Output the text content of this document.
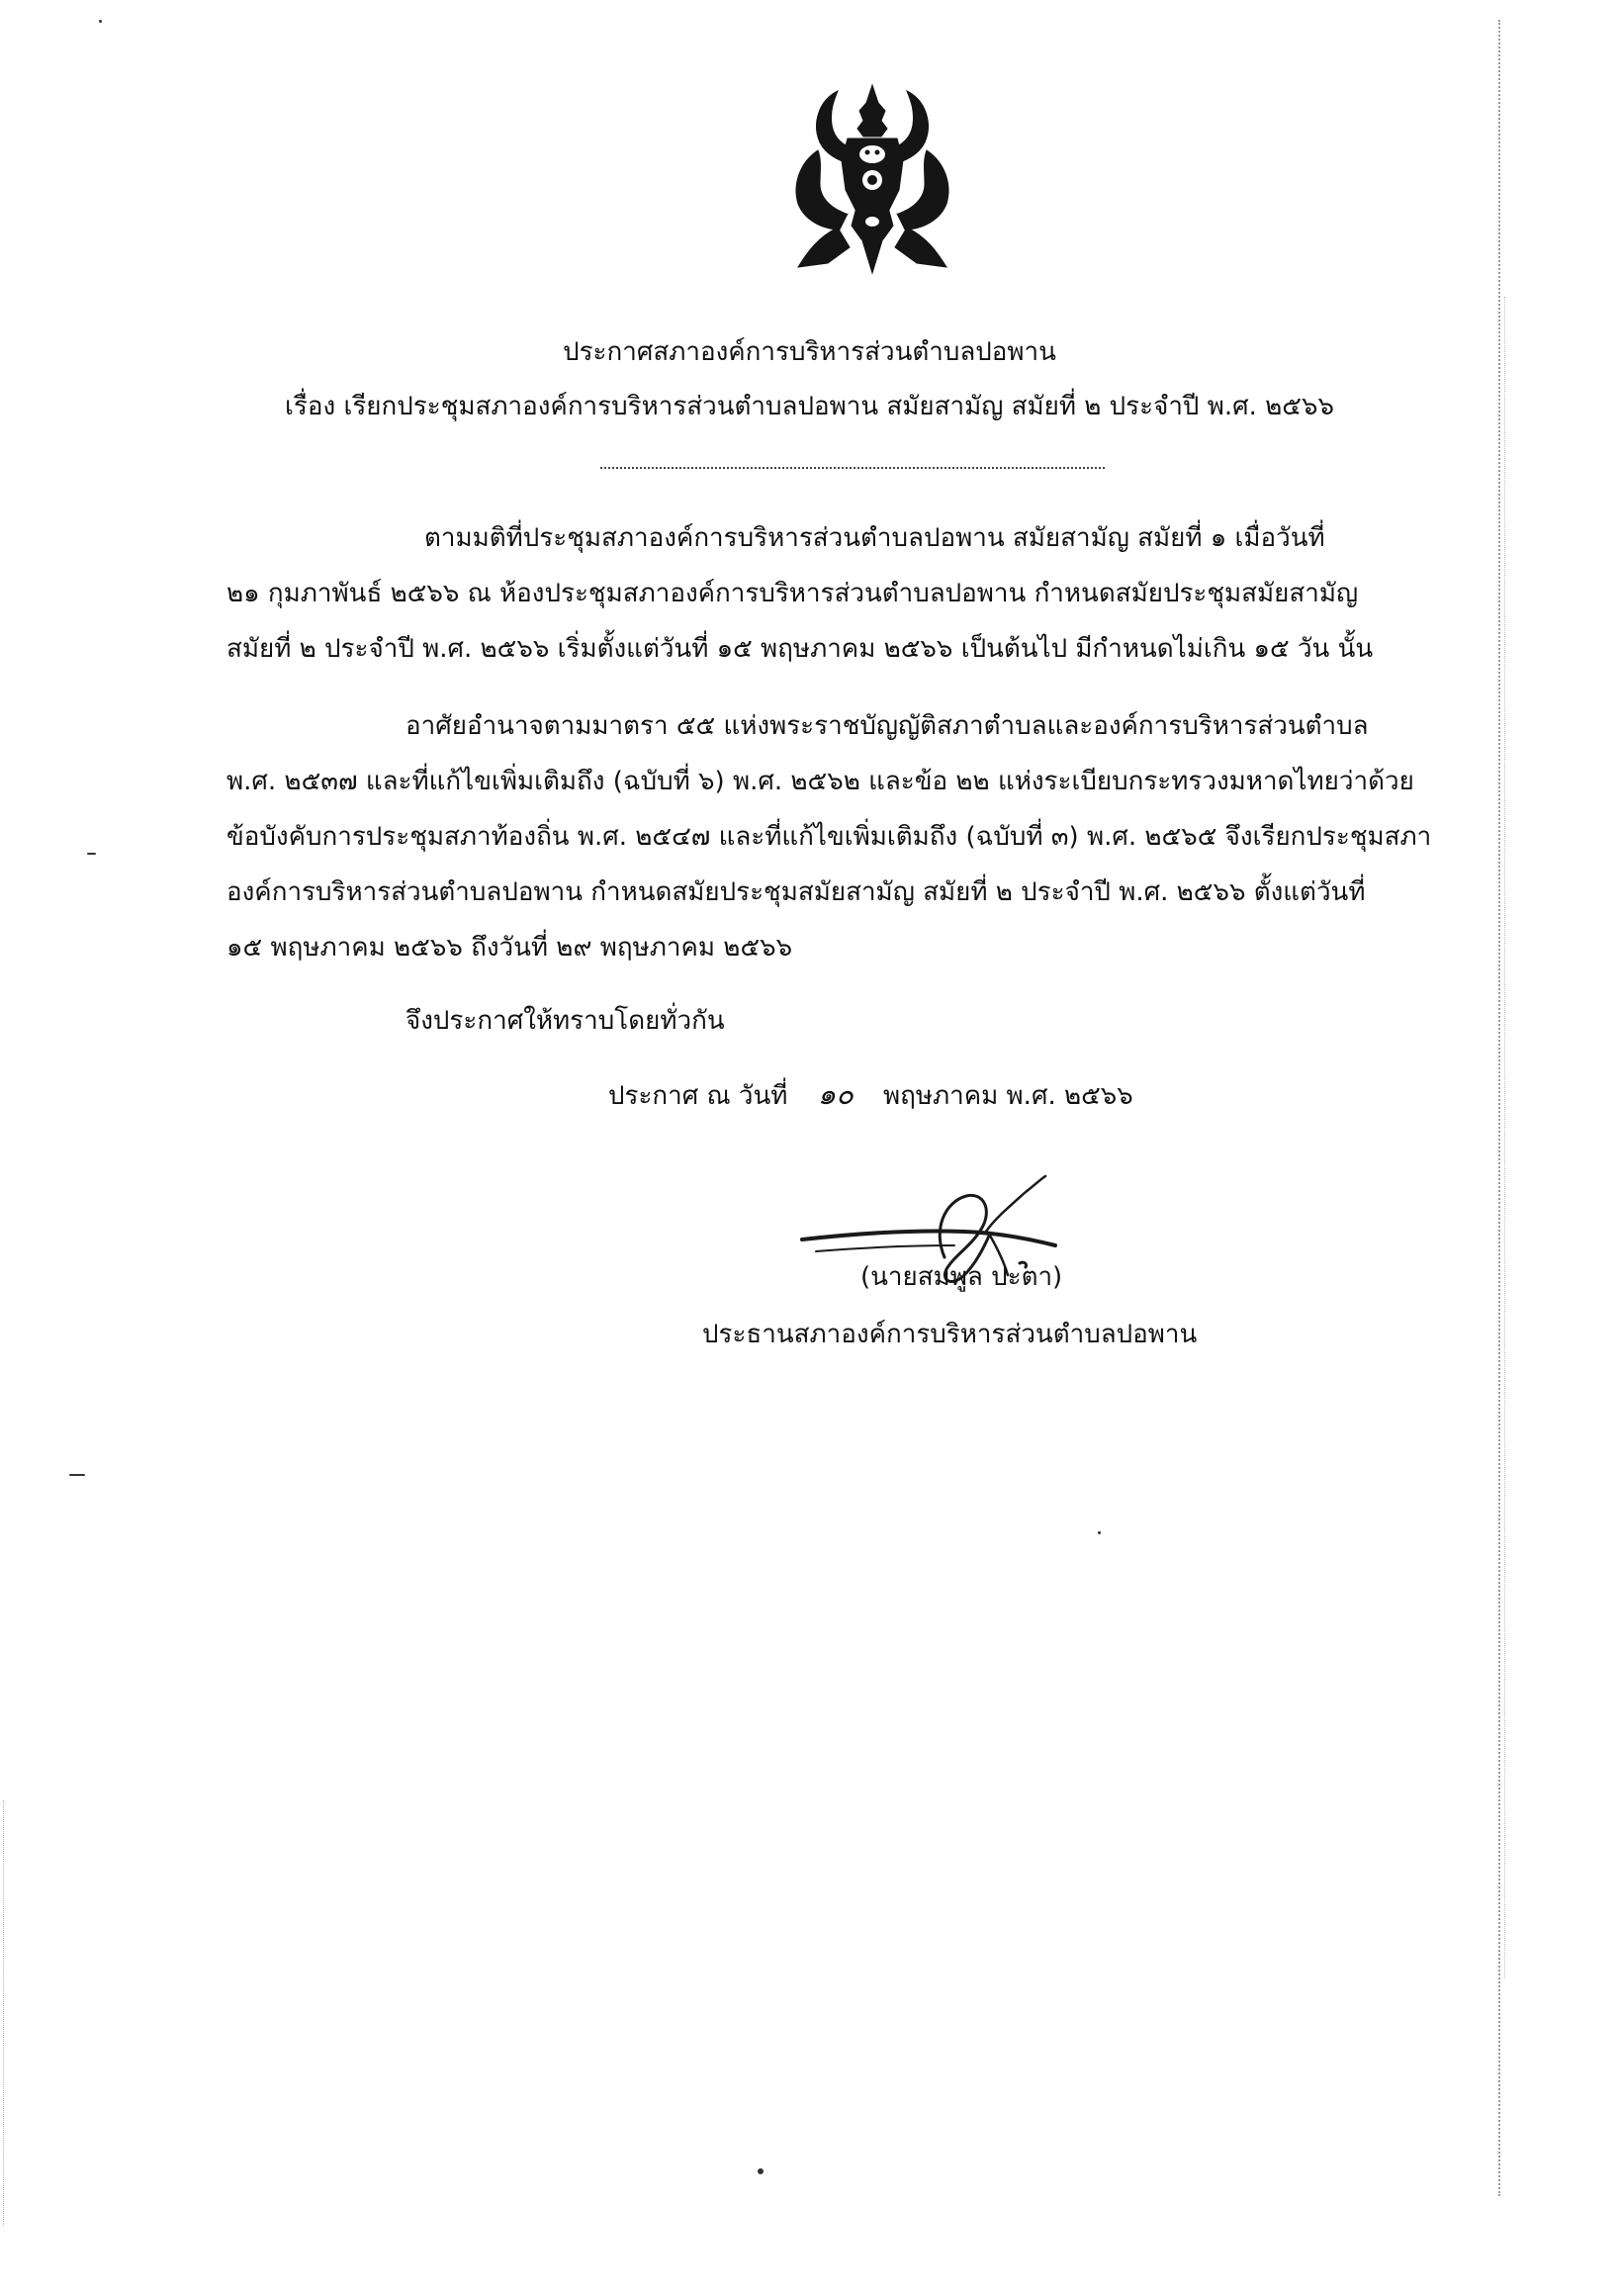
ประกาศสภาองค์การบริหารส่วนตำบลปอพาน
เรื่อง เรียกประชุมสภาองค์การบริหารส่วนตำบลปอพาน สมัยสามัญ สมัยที่ ๒ ประจำปี พ.ศ. ๒๕๖๖

ตามมติที่ประชุมสภาองค์การบริหารส่วนตำบลปอพาน สมัยสามัญ สมัยที่ ๑ เมื่อวันที่

๒๑ กุมภาพันธ์ ๒๕๖๖ ณ ห้องประชุมสภาองค์การบริหารส่วนตำบลปอพาน กำหนดสมัยประชุมสมัยสามัญ

สมัยที่ ๒ ประจำปี พ.ศ. ๒๕๖๖ เริ่มตั้งแต่วันที่ ๑๕ พฤษภาคม ๒๕๖๖ เป็นต้นไป มีกำหนดไม่เกิน ๑๕ วัน นั้น

อาศัยอำนาจตามมาตรา ๕๕ แห่งพระราชบัญญัติสภาตำบลและองค์การบริหารส่วนตำบล

พ.ศ. ๒๕๓๗ และที่แก้ไขเพิ่มเติมถึง (ฉบับที่ ๖) พ.ศ. ๒๕๖๒ และข้อ ๒๒ แห่งระเบียบกระทรวงมหาดไทยว่าด้วย

ข้อบังคับการประชุมสภาท้องถิ่น พ.ศ. ๒๕๔๗ และที่แก้ไขเพิ่มเติมถึง (ฉบับที่ ๓) พ.ศ. ๒๕๖๕ จึงเรียกประชุมสภา

องค์การบริหารส่วนตำบลปอพาน กำหนดสมัยประชุมสมัยสามัญ สมัยที่ ๒ ประจำปี พ.ศ. ๒๕๖๖ ตั้งแต่วันที่

๑๕ พฤษภาคม ๒๕๖๖ ถึงวันที่ ๒๙ พฤษภาคม ๒๕๖๖

จึงประกาศให้ทราบโดยทั่วกัน
ประกาศ ณ วันที่ ๑๐ พฤษภาคม พ.ศ. ๒๕๖๖
(นายสมพูล ปะตา)
ประธานสภาองค์การบริหารส่วนตำบลปอพาน
